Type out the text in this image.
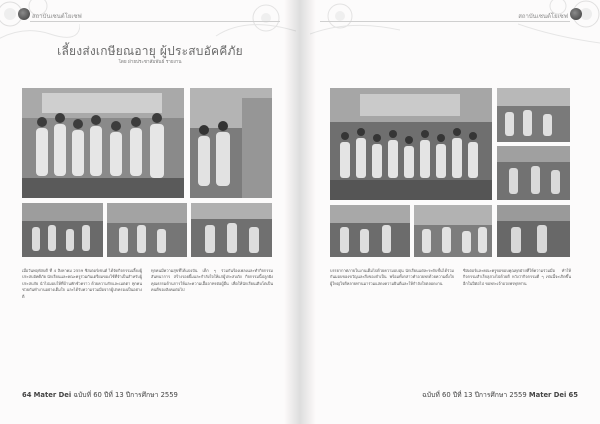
สถาบันเซนต์โยเซฟ
เลี้ยงส่งเกษียณอายุ ผู้ประสบอัคคีภัย
โดย ฝ่ายประชาสัมพันธ์ รายงาน
เมื่อวันพฤหัสบดี ที่ 4 สิงหาคม 2559 ซิสเตอร์เซนต์ ได้จัดกิจกรรมเลี้ยงผู้ประสบอัคคีภัย นักเรียนและคณะครูร่วมกันเตรียมของใช้ที่จำเป็นสำหรับผู้ประสบภัย นำไปมอบให้ที่บ้านพักชั่วคราว ด้วยความรักและเมตตา ทุกคนช่วยกันทำงานอย่างเต็มใจ และได้รับความร่วมมือจากผู้ปกครองเป็นอย่างดี
ทุกคนมีความสุขที่ได้แบ่งปัน เด็ก ๆ ร่วมกันร้องเพลงและทำกิจกรรมสันทนาการ สร้างรอยยิ้มและกำลังใจให้แก่ผู้ประสบภัย กิจกรรมนี้ปลูกฝังคุณธรรมด้านการให้และความเอื้ออาทรต่อผู้อื่น เพื่อให้นักเรียนเติบโตเป็นคนดีของสังคมต่อไป
64 Mater Dei ฉบับที่ 60 ปีที่ 13 ปีการศึกษา 2559
สถาบันเซนต์โยเซฟ
บรรยากาศภายในงานเต็มไปด้วยความอบอุ่น นักเรียนแต่ละระดับชั้นได้ร่วมกันมอบของขวัญและสิ่งของจำเป็น พร้อมทั้งกล่าวคำอวยพรด้วยความตั้งใจ ผู้ใหญ่ใจดีหลายท่านมาร่วมแสดงความยินดีและให้กำลังใจตลอดงาน
ซิสเตอร์และคณะครูขอขอบคุณทุกฝ่ายที่ให้ความร่วมมือ ทำให้กิจกรรมสำเร็จลุล่วงไปด้วยดี หวังว่ากิจกรรมดี ๆ เช่นนี้จะเกิดขึ้นอีกในปีต่อไป ขอพระเจ้าอวยพรทุกท่าน
ฉบับที่ 60 ปีที่ 13 ปีการศึกษา 2559 Mater Dei 65
